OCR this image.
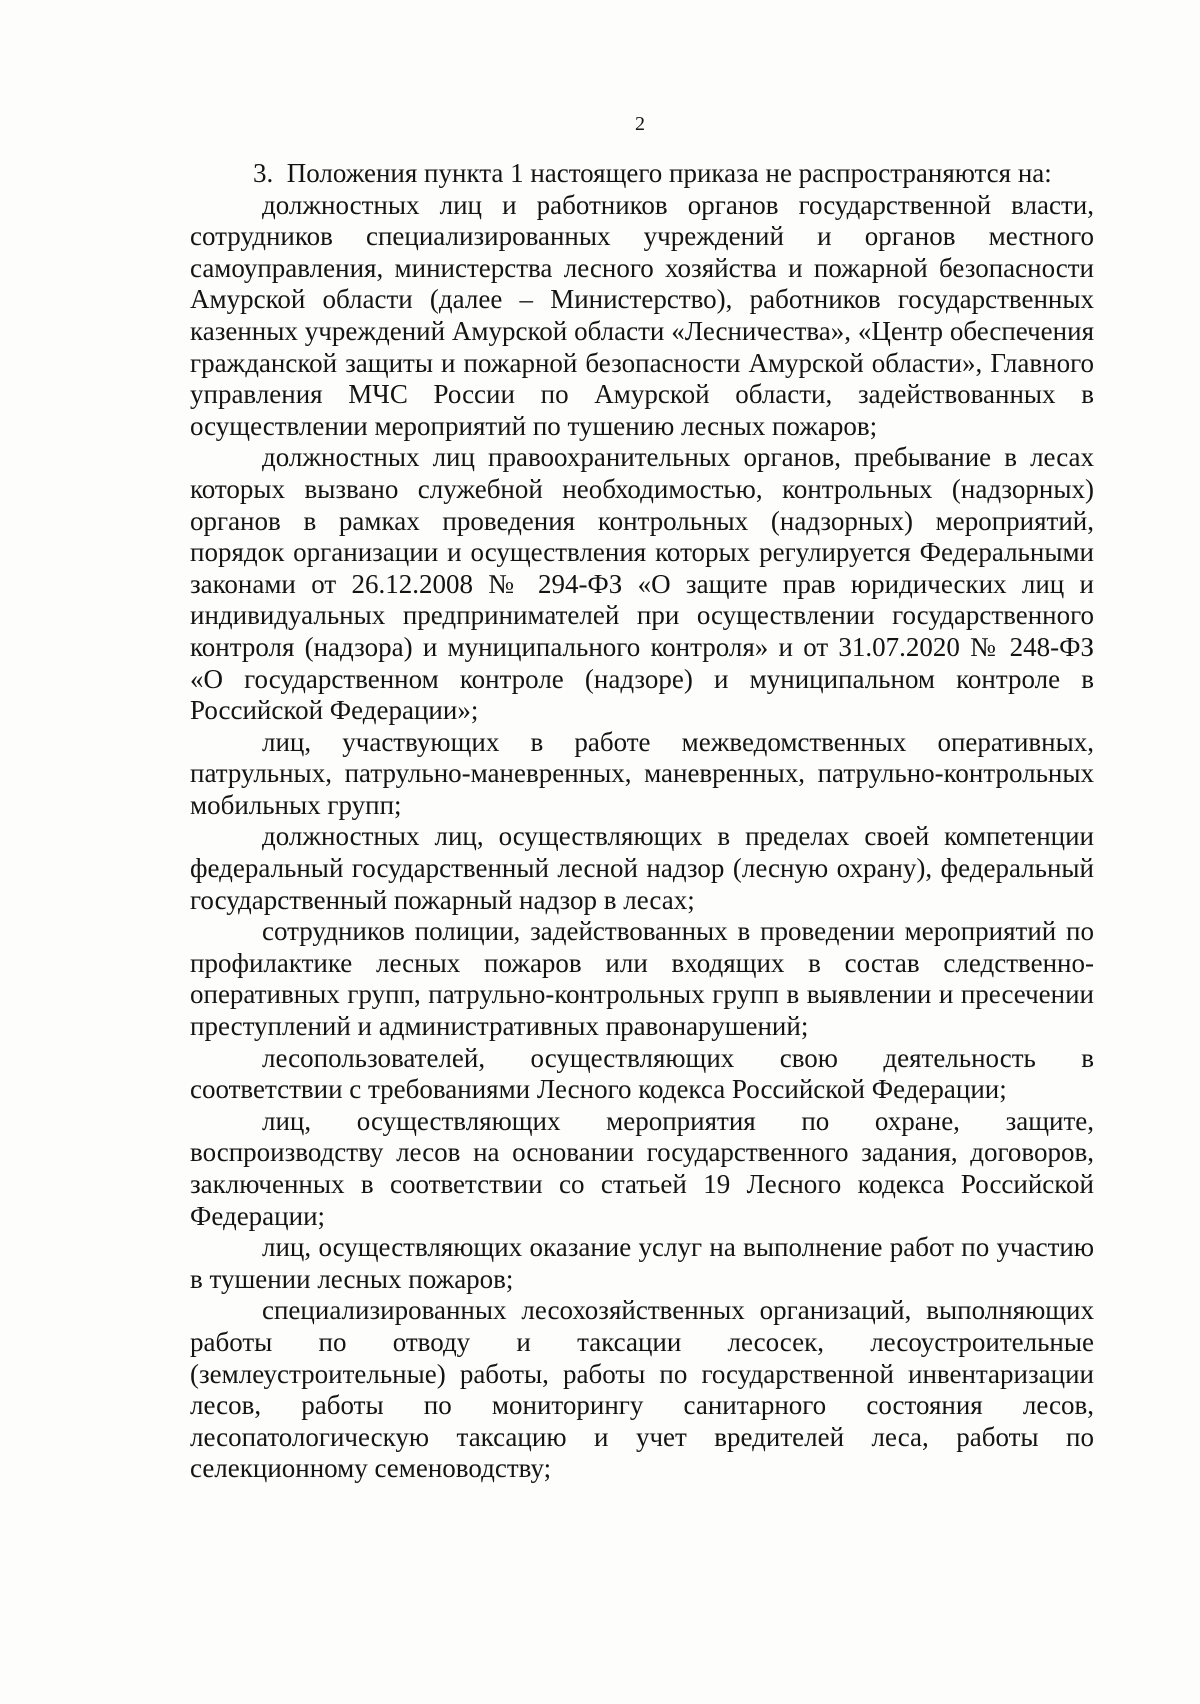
2

3.  Положения пункта 1 настоящего приказа не распространяются на:

должностных лиц и работников органов государственной власти, сотрудников специализированных учреждений и органов местного самоуправления, министерства лесного хозяйства и пожарной безопасности Амурской области (далее – Министерство), работников государственных казенных учреждений Амурской области «Лесничества», «Центр обеспечения гражданской защиты и пожарной безопасности Амурской области», Главного управления МЧС России по Амурской области, задействованных в осуществлении мероприятий по тушению лесных пожаров;

должностных лиц правоохранительных органов, пребывание в лесах которых вызвано служебной необходимостью, контрольных (надзорных) органов в рамках проведения контрольных (надзорных) мероприятий, порядок организации и осуществления которых регулируется Федеральными законами от 26.12.2008 № 294-ФЗ «О защите прав юридических лиц и индивидуальных предпринимателей при осуществлении государственного контроля (надзора) и муниципального контроля» и от 31.07.2020 № 248-ФЗ «О государственном контроле (надзоре) и муниципальном контроле в Российской Федерации»;

лиц, участвующих в работе межведомственных оперативных, патрульных, патрульно-маневренных, маневренных, патрульно-контрольных мобильных групп;

должностных лиц, осуществляющих в пределах своей компетенции федеральный государственный лесной надзор (лесную охрану), федеральный государственный пожарный надзор в лесах;

сотрудников полиции, задействованных в проведении мероприятий по профилактике лесных пожаров или входящих в состав следственно-оперативных групп, патрульно-контрольных групп в выявлении и пресечении преступлений и административных правонарушений;

лесопользователей, осуществляющих свою деятельность в соответствии с требованиями Лесного кодекса Российской Федерации;

лиц, осуществляющих мероприятия по охране, защите, воспроизводству лесов на основании государственного задания, договоров, заключенных в соответствии со статьей 19 Лесного кодекса Российской Федерации;

лиц, осуществляющих оказание услуг на выполнение работ по участию в тушении лесных пожаров;

специализированных лесохозяйственных организаций, выполняющих работы по отводу и таксации лесосек, лесоустроительные (землеустроительные) работы, работы по государственной инвентаризации лесов, работы по мониторингу санитарного состояния лесов, лесопатологическую таксацию и учет вредителей леса, работы по селекционному семеноводству;
